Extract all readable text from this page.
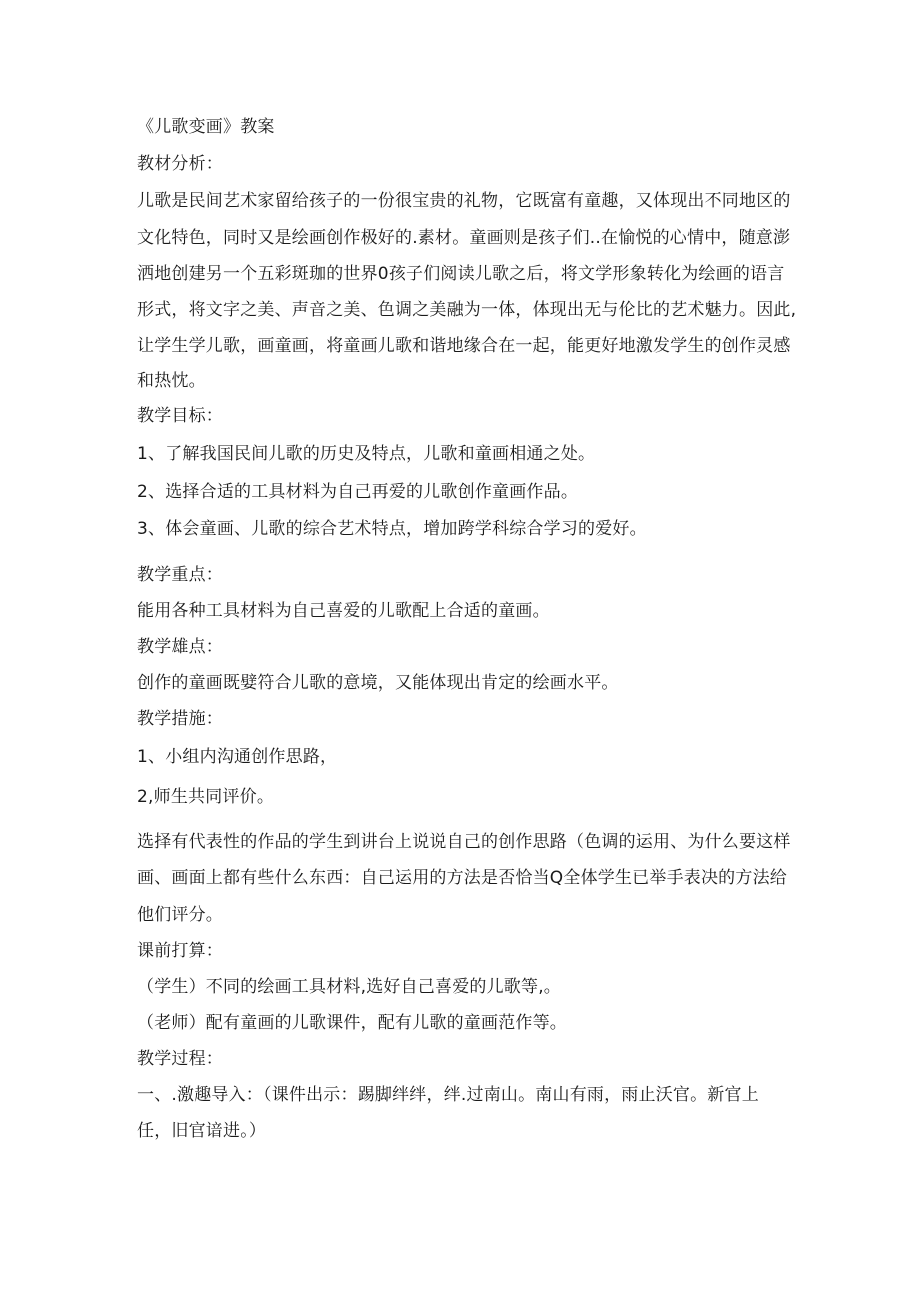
《儿歌变画》教案
教材分析：
儿歌是民间艺术家留给孩子的一份很宝贵的礼物，它既富有童趣，又体现出不同地区的
文化特色，同时又是绘画创作极好的.素材。童画则是孩子们..在愉悦的心情中，随意澎
洒地创建另一个五彩斑珈的世界0孩子们阅读儿歌之后，将文学形象转化为绘画的语言
形式，将文字之美、声音之美、色调之美融为一体，体现出无与伦比的艺术魅力。因此,
让学生学儿歌，画童画，将童画儿歌和谐地缘合在一起，能更好地激发学生的创作灵感
和热忱。
教学目标：
1、了解我国民间儿歌的历史及特点，儿歌和童画相通之处。
2、选择合适的工具材料为自己再爱的儿歌创作童画作品。
3、体会童画、儿歌的综合艺术特点，增加跨学科综合学习的爱好。
教学重点：
能用各种工具材料为自己喜爱的儿歌配上合适的童画。
教学雄点：
创作的童画既嬖符合儿歌的意境，又能体现出肯定的绘画水平。
教学措施：
1、小组内沟通创作思路，
2,师生共同评价。
选择有代表性的作品的学生到讲台上说说自己的创作思路（色调的运用、为什么要这样
画、画面上都有些什么东西：自己运用的方法是否恰当Q全体学生已举手表决的方法给
他们评分。
课前打算：
（学生）不同的绘画工具材料,选好自己喜爱的儿歌等,。
（老师）配有童画的儿歌课件，配有儿歌的童画范作等。
教学过程：
一、.激趣导入：（课件出示：踢脚绊绊，绊.过南山。南山有雨，雨止沃官。新官上
任，旧官谙进。）
